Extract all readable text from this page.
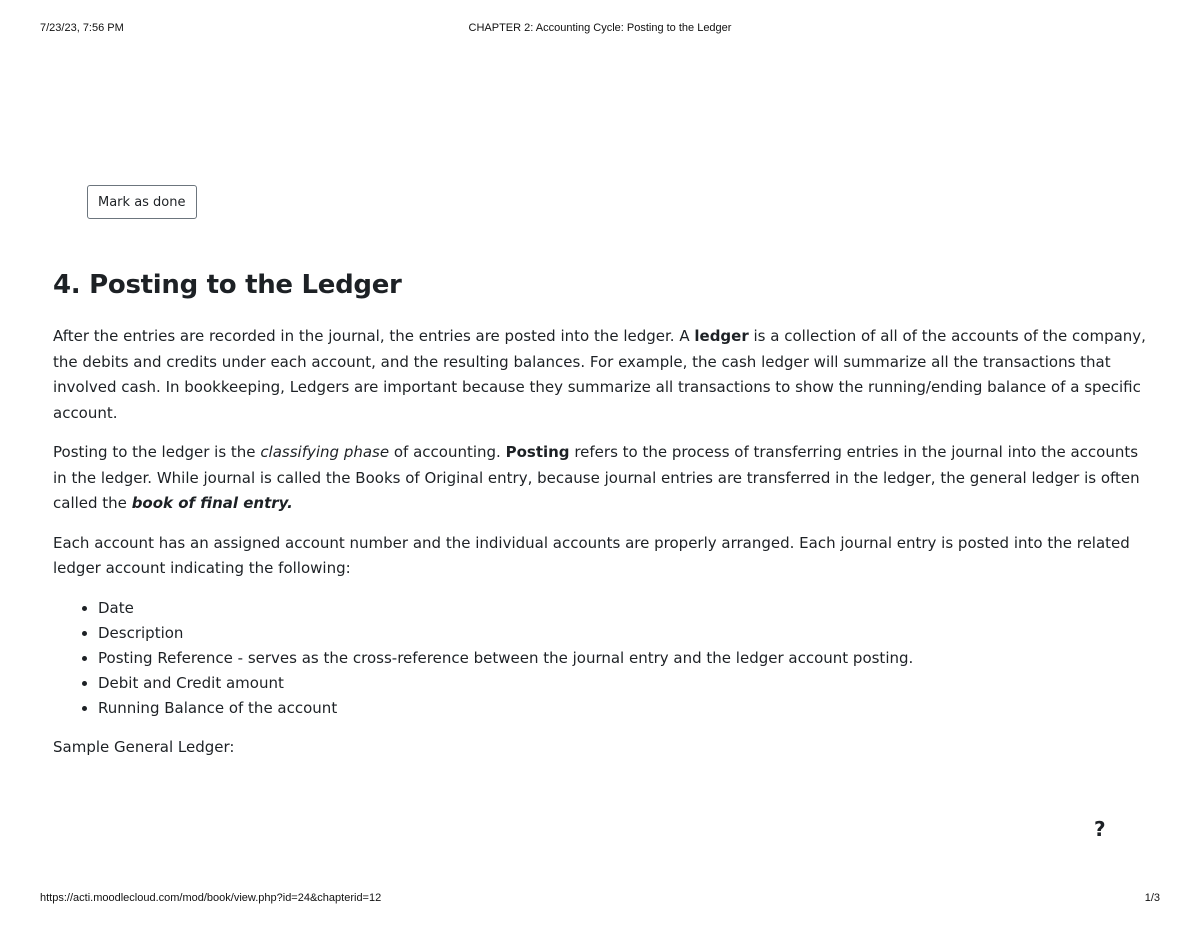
7/23/23, 7:56 PM	CHAPTER 2: Accounting Cycle: Posting to the Ledger
Mark as done
4. Posting to the Ledger

After the entries are recorded in the journal, the entries are posted into the ledger. A ledger is a collection of all of the accounts of the company, the debits and credits under each account, and the resulting balances. For example, the cash ledger will summarize all the transactions that involved cash. In bookkeeping, Ledgers are important because they summarize all transactions to show the running/ending balance of a specific account.

Posting to the ledger is the classifying phase of accounting. Posting refers to the process of transferring entries in the journal into the accounts in the ledger. While journal is called the Books of Original entry, because journal entries are transferred in the ledger, the general ledger is often called the book of final entry.

Each account has an assigned account number and the individual accounts are properly arranged. Each journal entry is posted into the related ledger account indicating the following:

• Date
• Description
• Posting Reference - serves as the cross-reference between the journal entry and the ledger account posting.
• Debit and Credit amount
• Running Balance of the account

Sample General Ledger:

?
https://acti.moodlecloud.com/mod/book/view.php?id=24&chapterid=12	1/3
